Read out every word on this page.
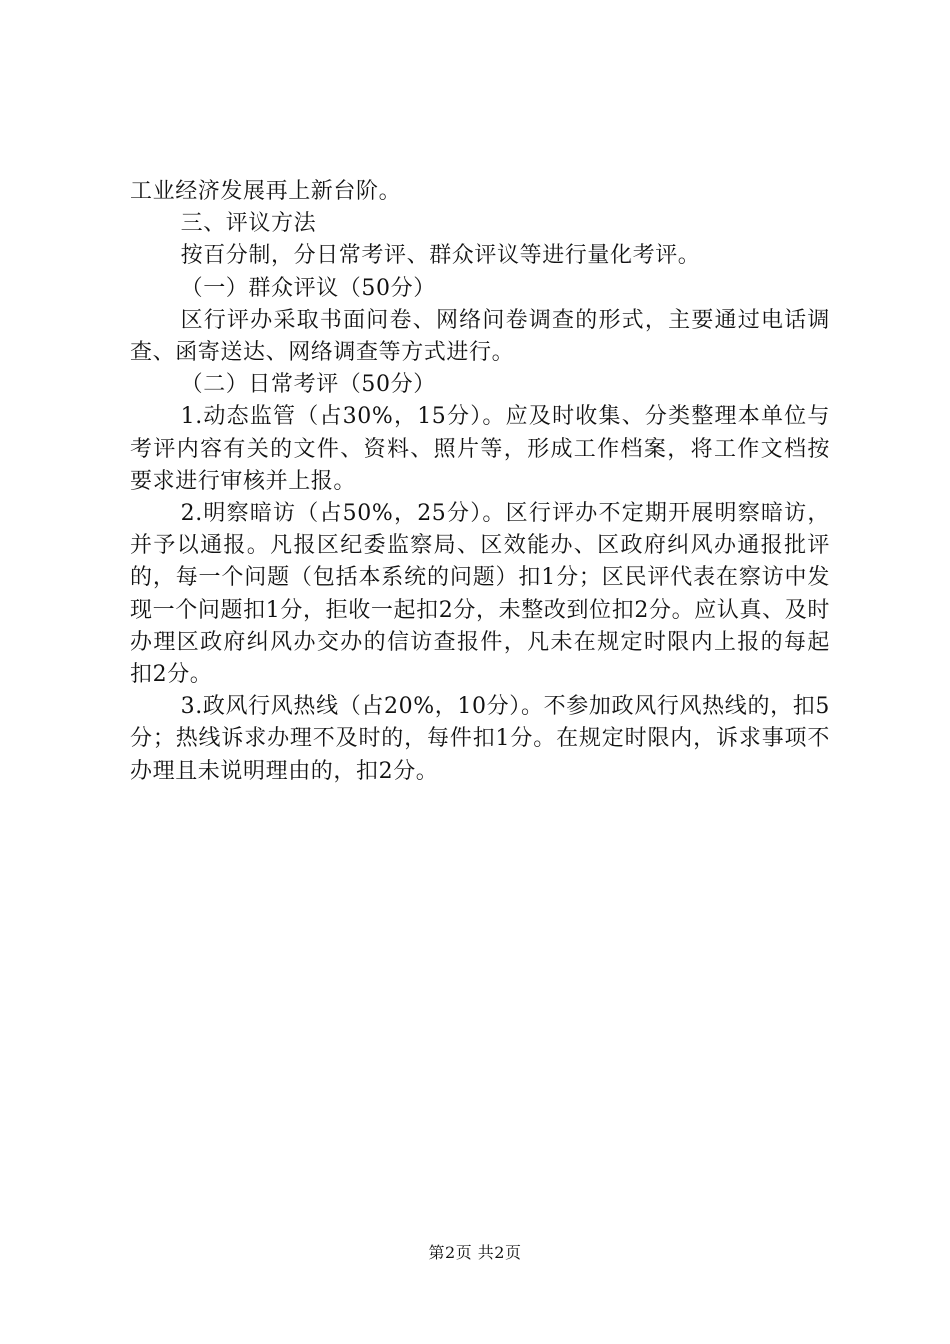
工业经济发展再上新台阶。

三、评议方法

按百分制，分日常考评、群众评议等进行量化考评。

（一）群众评议（50分）

区行评办采取书面问卷、网络问卷调查的形式，主要通过电话调查、函寄送达、网络调查等方式进行。

（二）日常考评（50分）

1.动态监管（占30%，15分）。应及时收集、分类整理本单位与考评内容有关的文件、资料、照片等，形成工作档案，将工作文档按要求进行审核并上报。

2.明察暗访（占50%，25分）。区行评办不定期开展明察暗访，并予以通报。凡报区纪委监察局、区效能办、区政府纠风办通报批评的，每一个问题（包括本系统的问题）扣1分；区民评代表在察访中发现一个问题扣1分，拒收一起扣2分，未整改到位扣2分。应认真、及时办理区政府纠风办交办的信访查报件，凡未在规定时限内上报的每起扣2分。

3.政风行风热线（占20%，10分）。不参加政风行风热线的，扣5分；热线诉求办理不及时的，每件扣1分。在规定时限内，诉求事项不办理且未说明理由的，扣2分。

第2页 共2页
